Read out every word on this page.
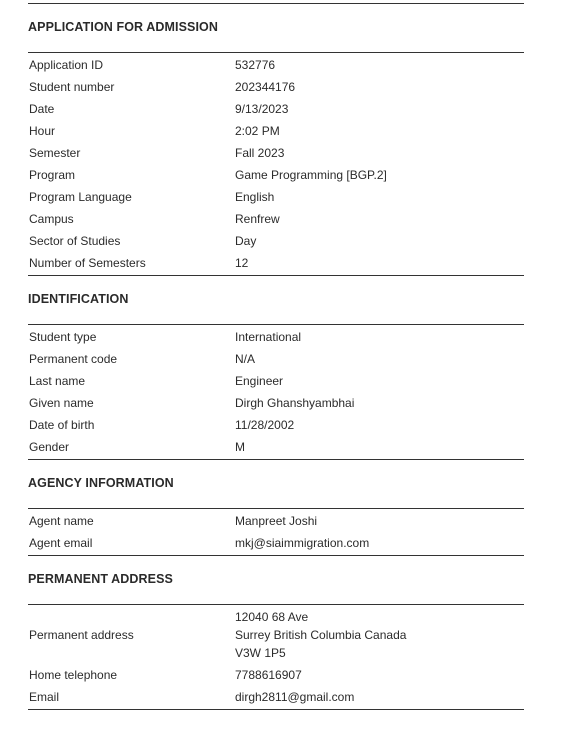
APPLICATION FOR ADMISSION
Application ID	532776
Student number	202344176
Date	9/13/2023
Hour	2:02 PM
Semester	Fall 2023
Program	Game Programming [BGP.2]
Program Language	English
Campus	Renfrew
Sector of Studies	Day
Number of Semesters	12
IDENTIFICATION
Student type	International
Permanent code	N/A
Last name	Engineer
Given name	Dirgh Ghanshyambhai
Date of birth	11/28/2002
Gender	M
AGENCY INFORMATION
Agent name	Manpreet Joshi
Agent email	mkj@siaimmigration.com
PERMANENT ADDRESS
Permanent address
12040 68 Ave
Surrey British Columbia Canada
V3W 1P5
Home telephone	7788616907
Email	dirgh2811@gmail.com
